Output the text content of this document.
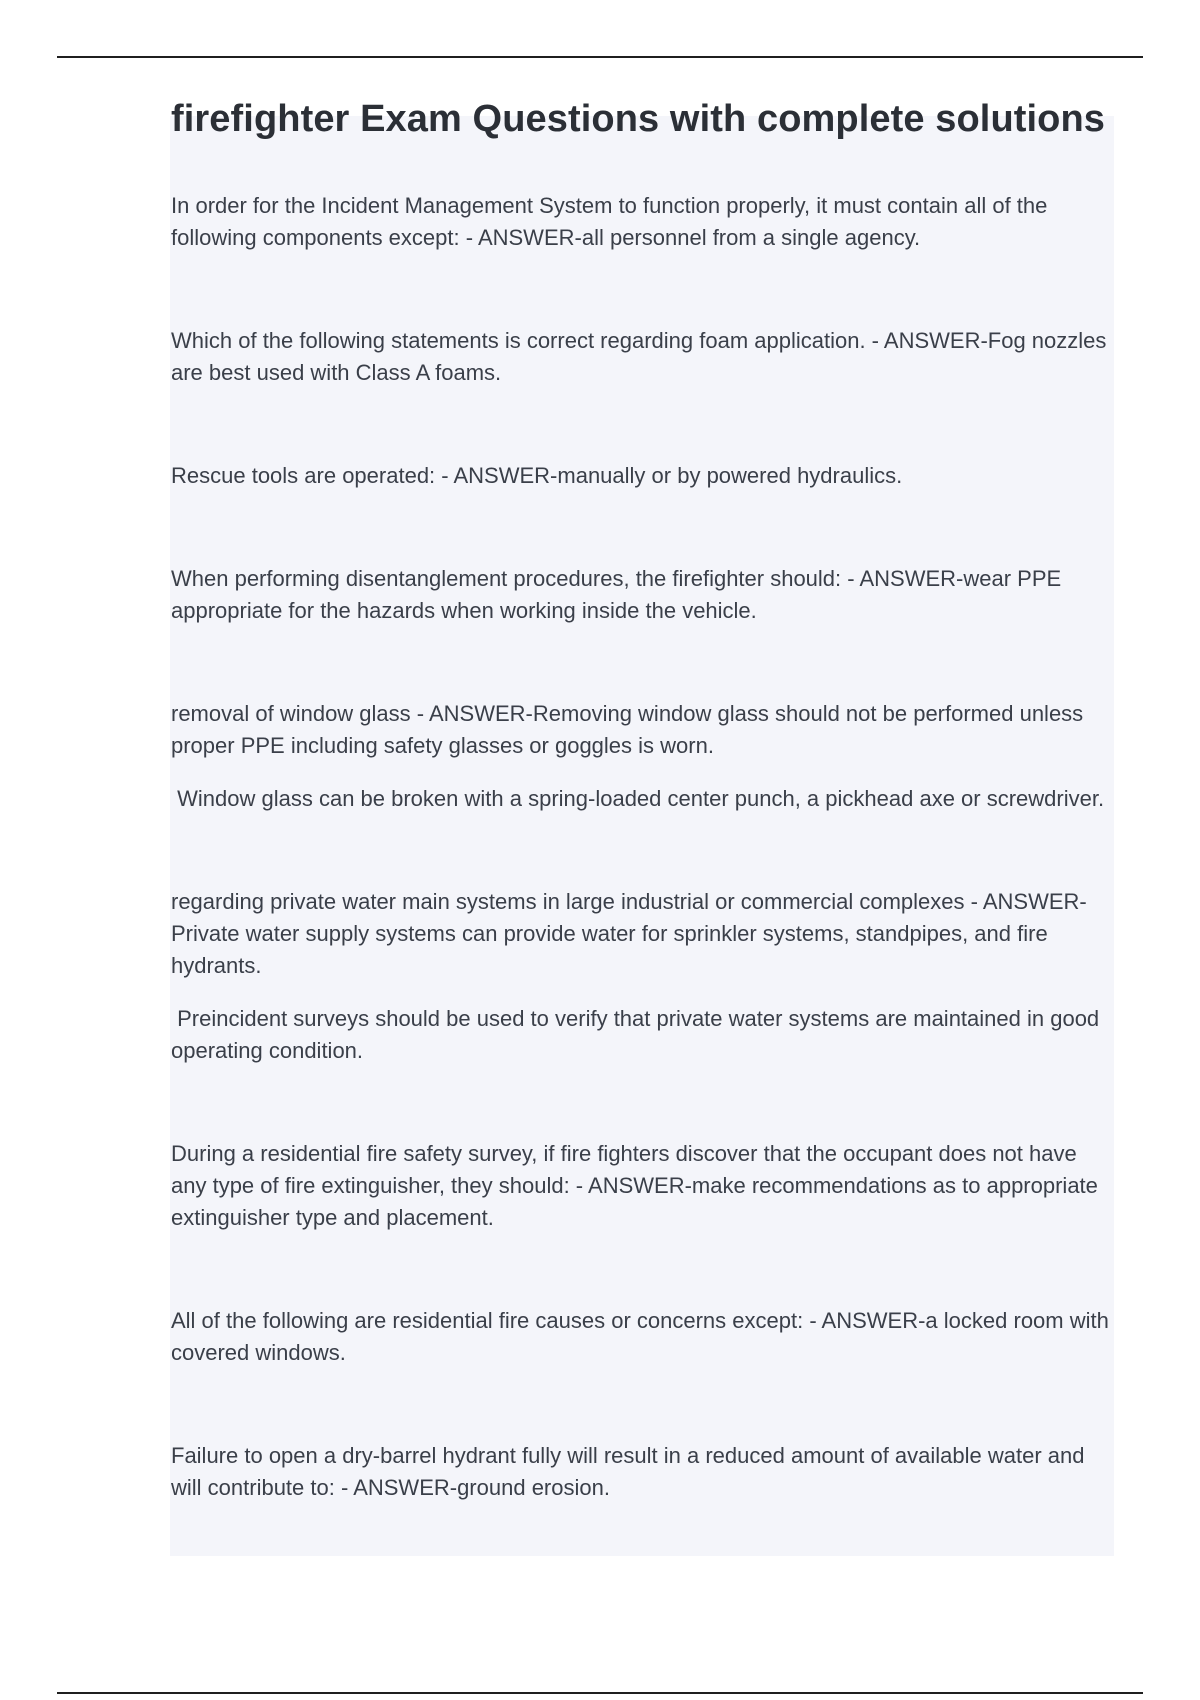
firefighter Exam Questions with complete solutions

In order for the Incident Management System to function properly, it must contain all of the following components except: - ANSWER-all personnel from a single agency.

Which of the following statements is correct regarding foam application. - ANSWER-Fog nozzles are best used with Class A foams.

Rescue tools are operated: - ANSWER-manually or by powered hydraulics.

When performing disentanglement procedures, the firefighter should: - ANSWER-wear PPE appropriate for the hazards when working inside the vehicle.

removal of window glass - ANSWER-Removing window glass should not be performed unless proper PPE including safety glasses or goggles is worn.

Window glass can be broken with a spring-loaded center punch, a pickhead axe or screwdriver.

regarding private water main systems in large industrial or commercial complexes - ANSWER-Private water supply systems can provide water for sprinkler systems, standpipes, and fire hydrants.

Preincident surveys should be used to verify that private water systems are maintained in good operating condition.

During a residential fire safety survey, if fire fighters discover that the occupant does not have any type of fire extinguisher, they should: - ANSWER-make recommendations as to appropriate extinguisher type and placement.

All of the following are residential fire causes or concerns except: - ANSWER-a locked room with covered windows.

Failure to open a dry-barrel hydrant fully will result in a reduced amount of available water and will contribute to: - ANSWER-ground erosion.
